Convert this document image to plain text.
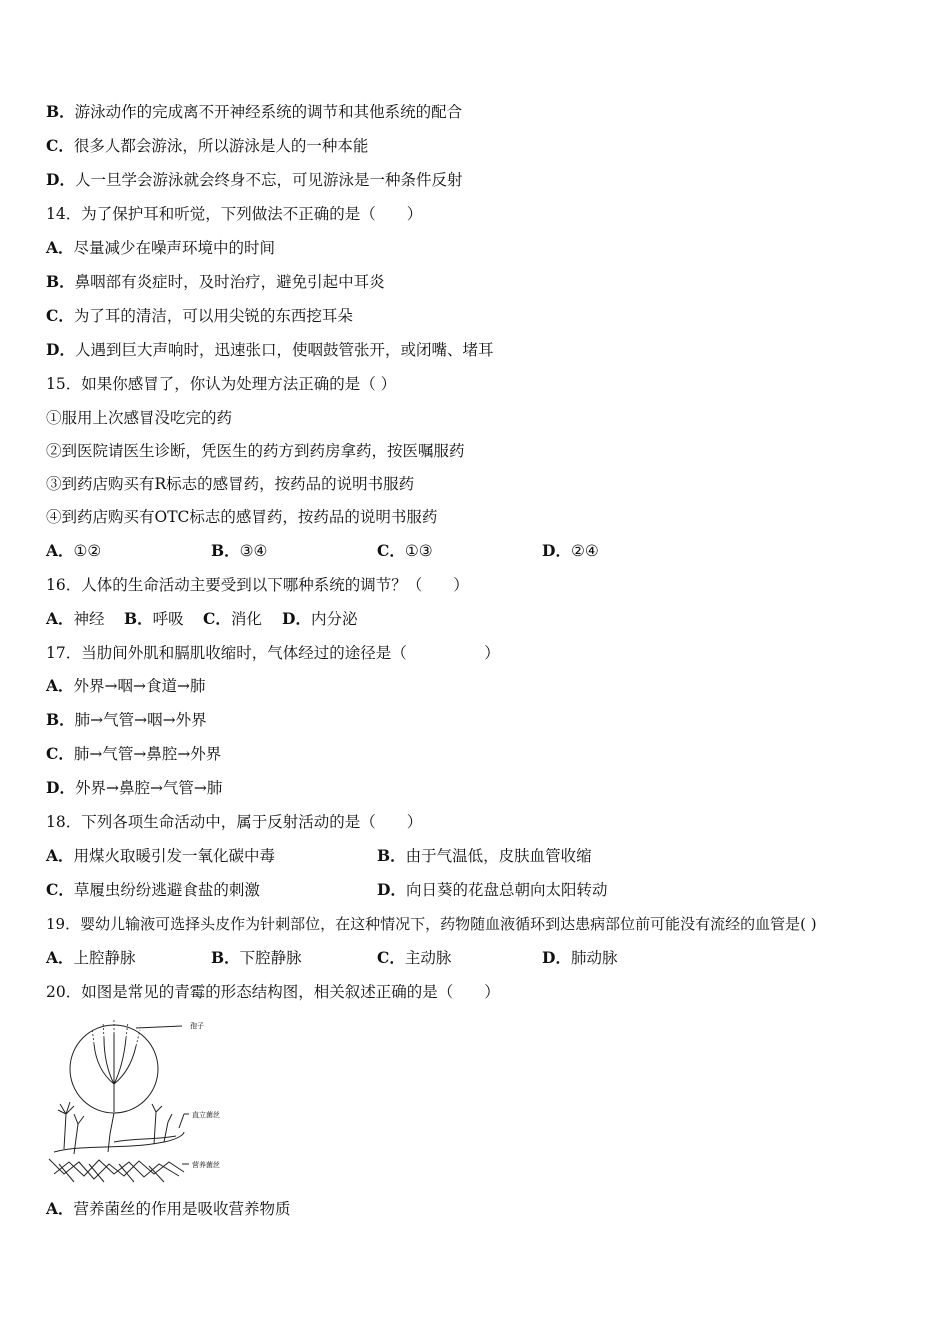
B．游泳动作的完成离不开神经系统的调节和其他系统的配合
C．很多人都会游泳，所以游泳是人的一种本能
D．人一旦学会游泳就会终身不忘，可见游泳是一种条件反射
14．为了保护耳和听觉，下列做法不正确的是（　　）
A．尽量减少在噪声环境中的时间
B．鼻咽部有炎症时，及时治疗，避免引起中耳炎
C．为了耳的清洁，可以用尖锐的东西挖耳朵
D．人遇到巨大声响时，迅速张口，使咽鼓管张开，或闭嘴、堵耳
15．如果你感冒了，你认为处理方法正确的是（ ）
①服用上次感冒没吃完的药
②到医院请医生诊断，凭医生的药方到药房拿药，按医嘱服药
③到药店购买有R标志的感冒药，按药品的说明书服药
④到药店购买有OTC标志的感冒药，按药品的说明书服药
A．①②	B．③④	C．①③	D．②④
16．人体的生命活动主要受到以下哪种系统的调节？（　　）
A．神经 B．呼吸 C．消化 D．内分泌
17．当肋间外肌和膈肌收缩时，气体经过的途径是（　　　　　）
A．外界→咽→食道→肺
B．肺→气管→咽→外界
C．肺→气管→鼻腔→外界
D．外界→鼻腔→气管→肺
18．下列各项生命活动中，属于反射活动的是（　　）
A．用煤火取暖引发一氧化碳中毒	B．由于气温低，皮肤血管收缩
C．草履虫纷纷逃避食盐的刺激	D．向日葵的花盘总朝向太阳转动
19．婴幼儿输液可选择头皮作为针刺部位，在这种情况下，药物随血液循环到达患病部位前可能没有流经的血管是( )
A．上腔静脉	B．下腔静脉	C．主动脉	D．肺动脉
20．如图是常见的青霉的形态结构图，相关叙述正确的是（　　）
孢子
直立菌丝
营养菌丝
A．营养菌丝的作用是吸收营养物质
